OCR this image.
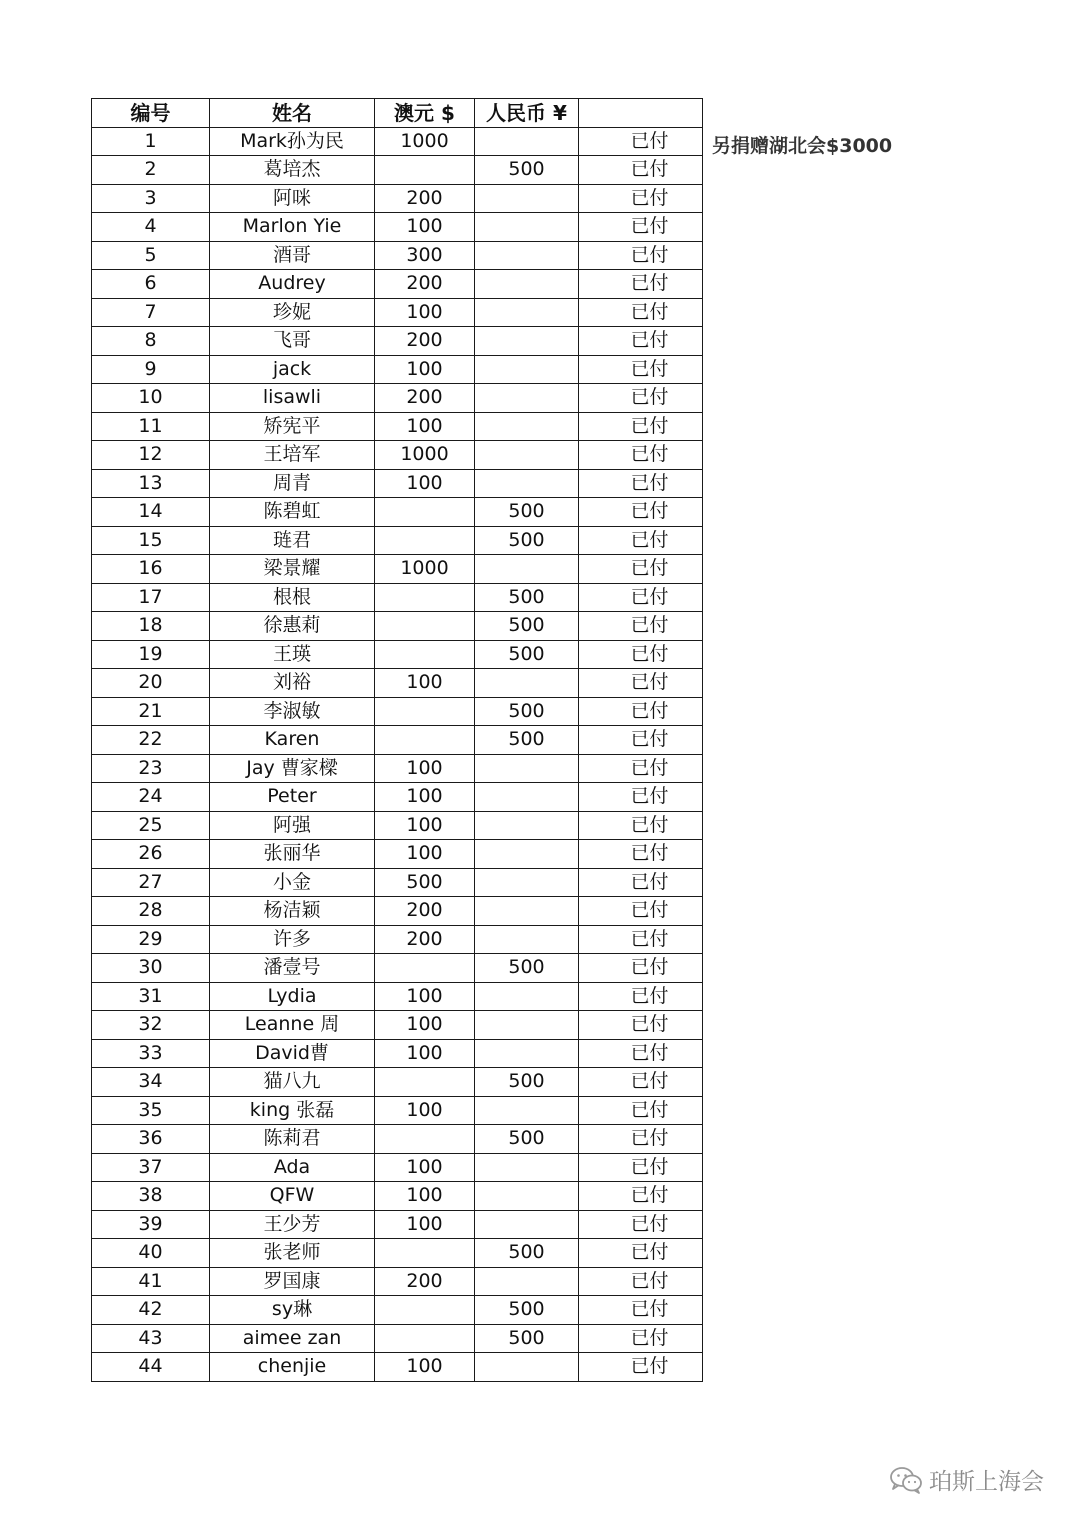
编号	姓名	澳元 $	人民币 ¥	
1	Mark孙为民	1000		已付
2	葛培杰		500	已付
3	阿咪	200		已付
4	Marlon Yie	100		已付
5	酒哥	300		已付
6	Audrey	200		已付
7	珍妮	100		已付
8	飞哥	200		已付
9	jack	100		已付
10	lisawli	200		已付
11	矫宪平	100		已付
12	王培军	1000		已付
13	周青	100		已付
14	陈碧虹		500	已付
15	琏君		500	已付
16	梁景耀	1000		已付
17	根根		500	已付
18	徐惠莉		500	已付
19	王瑛		500	已付
20	刘裕	100		已付
21	李淑敏		500	已付
22	Karen		500	已付
23	Jay 曹家樑	100		已付
24	Peter	100		已付
25	阿强	100		已付
26	张丽华	100		已付
27	小金	500		已付
28	杨洁颖	200		已付
29	许多	200		已付
30	潘壹号		500	已付
31	Lydia	100		已付
32	Leanne 周	100		已付
33	David曹	100		已付
34	猫八九		500	已付
35	king 张磊	100		已付
36	陈莉君		500	已付
37	Ada	100		已付
38	QFW	100		已付
39	王少芳	100		已付
40	张老师		500	已付
41	罗国康	200		已付
42	sy琳		500	已付
43	aimee zan		500	已付
44	chenjie	100		已付
另捐赠湖北会$3000
珀斯上海会
